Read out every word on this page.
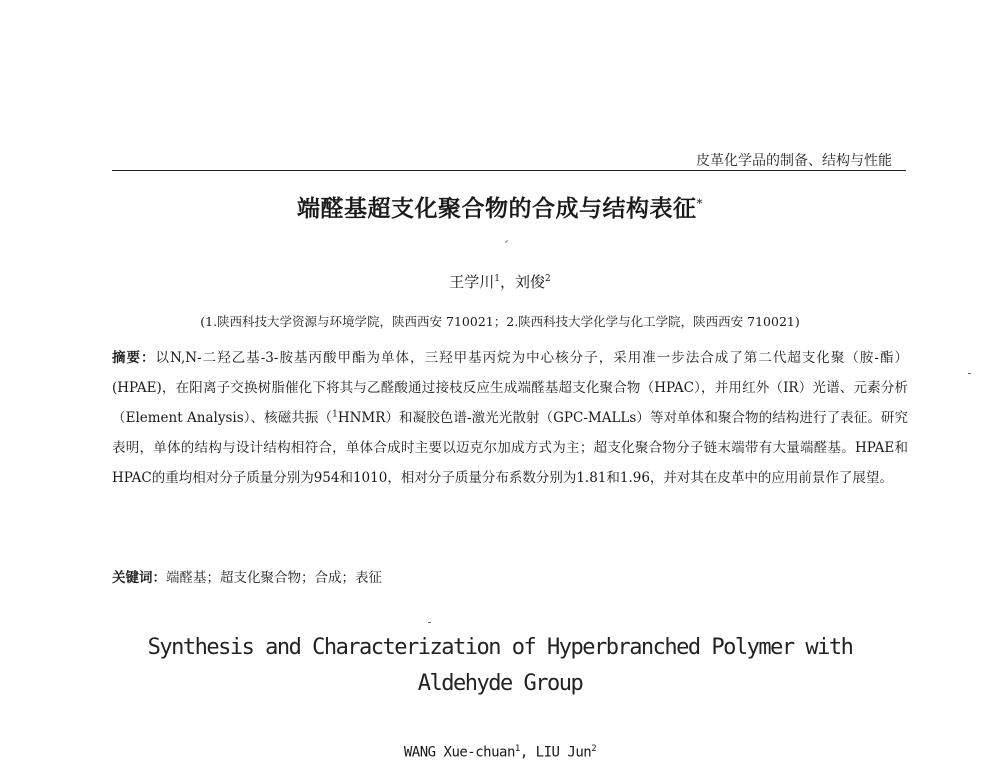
皮革化学品的制备、结构与性能
端醛基超支化聚合物的合成与结构表征*
王学川$^1$，刘俊$^2$
(1.陕西科技大学资源与环境学院，陕西西安 710021；2.陕西科技大学化学与化工学院，陕西西安 710021)
摘要：以N,N-二羟乙基-3-胺基丙酸甲酯为单体，三羟甲基丙烷为中心核分子，采用准一步法合成了第二代超支化聚（胺-酯）(HPAE)，在阳离子交换树脂催化下将其与乙醛酸通过接枝反应生成端醛基超支化聚合物（HPAC），并用红外（IR）光谱、元素分析（Element Analysis）、核磁共振（$^1$HNMR）和凝胶色谱-激光光散射（GPC-MALLs）等对单体和聚合物的结构进行了表征。研究表明，单体的结构与设计结构相符合，单体合成时主要以迈克尔加成方式为主；超支化聚合物分子链末端带有大量端醛基。HPAE和HPAC的重均相对分子质量分别为954和1010，相对分子质量分布系数分别为1.81和1.96，并对其在皮革中的应用前景作了展望。
关键词：端醛基；超支化聚合物；合成；表征
Synthesis and Characterization of Hyperbranched Polymer with
Aldehyde Group
WANG Xue-chuan$^1$, LIU Jun$^2$
